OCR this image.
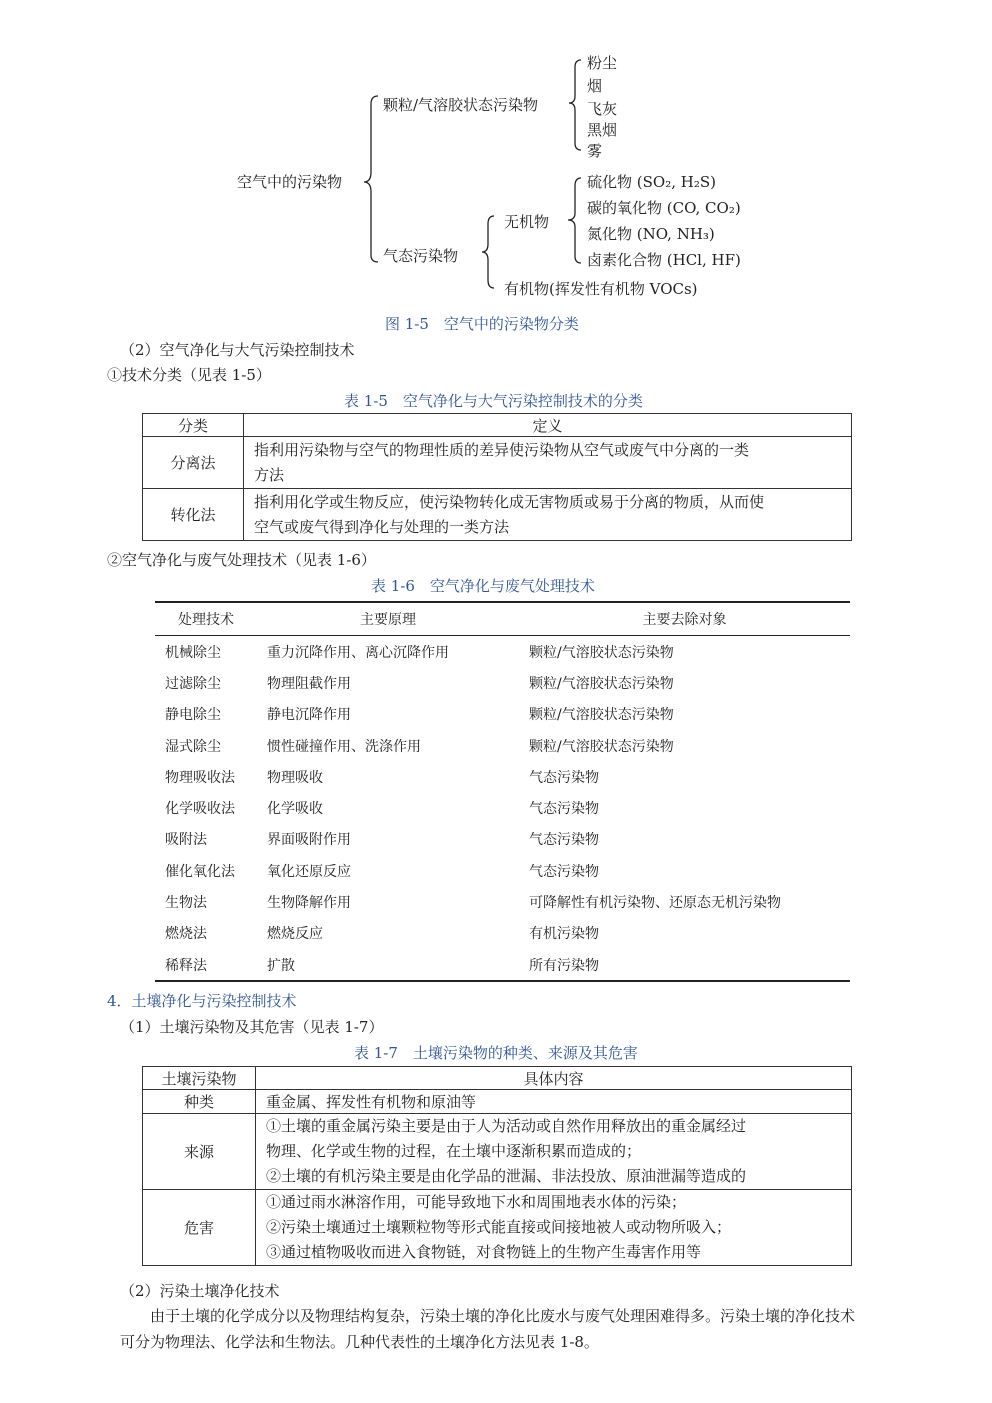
空气中的污染物
颗粒/气溶胶状态污染物
粉尘
烟
飞灰
黑烟
雾
气态污染物
无机物
硫化物 (SO₂, H₂S)
碳的氧化物 (CO, CO₂)
氮化物 (NO, NH₃)
卤素化合物 (HCl, HF)
有机物(挥发性有机物 VOCs)
图 1-5　空气中的污染物分类
（2）空气净化与大气污染控制技术
①技术分类（见表 1-5）
表 1-5　空气净化与大气污染控制技术的分类
分类	定义
分离法	指利用污染物与空气的物理性质的差异使污染物从空气或废气中分离的一类
方法

转化法	指利用化学或生物反应，使污染物转化成无害物质或易于分离的物质，从而使
空气或废气得到净化与处理的一类方法
②空气净化与废气处理技术（见表 1-6）
表 1-6　空气净化与废气处理技术
处理技术	主要原理	主要去除对象
机械除尘	重力沉降作用、离心沉降作用	颗粒/气溶胶状态污染物
过滤除尘	物理阻截作用	颗粒/气溶胶状态污染物
静电除尘	静电沉降作用	颗粒/气溶胶状态污染物
湿式除尘	惯性碰撞作用、洗涤作用	颗粒/气溶胶状态污染物
物理吸收法	物理吸收	气态污染物
化学吸收法	化学吸收	气态污染物
吸附法	界面吸附作用	气态污染物
催化氧化法	氧化还原反应	气态污染物
生物法	生物降解作用	可降解性有机污染物、还原态无机污染物
燃烧法	燃烧反应	有机污染物
稀释法	扩散	所有污染物
4．土壤净化与污染控制技术
（1）土壤污染物及其危害（见表 1-7）
表 1-7　土壤污染物的种类、来源及其危害
土壤污染物	具体内容
种类	重金属、挥发性有机物和原油等
来源	①土壤的重金属污染主要是由于人为活动或自然作用释放出的重金属经过
物理、化学或生物的过程，在土壤中逐渐积累而造成的；
②土壤的有机污染主要是由化学品的泄漏、非法投放、原油泄漏等造成的

危害	①通过雨水淋溶作用，可能导致地下水和周围地表水体的污染；
②污染土壤通过土壤颗粒物等形式能直接或间接地被人或动物所吸入；
③通过植物吸收而进入食物链，对食物链上的生物产生毒害作用等
（2）污染土壤净化技术
由于土壤的化学成分以及物理结构复杂，污染土壤的净化比废水与废气处理困难得多。污染土壤的净化技术
可分为物理法、化学法和生物法。几种代表性的土壤净化方法见表 1-8。
